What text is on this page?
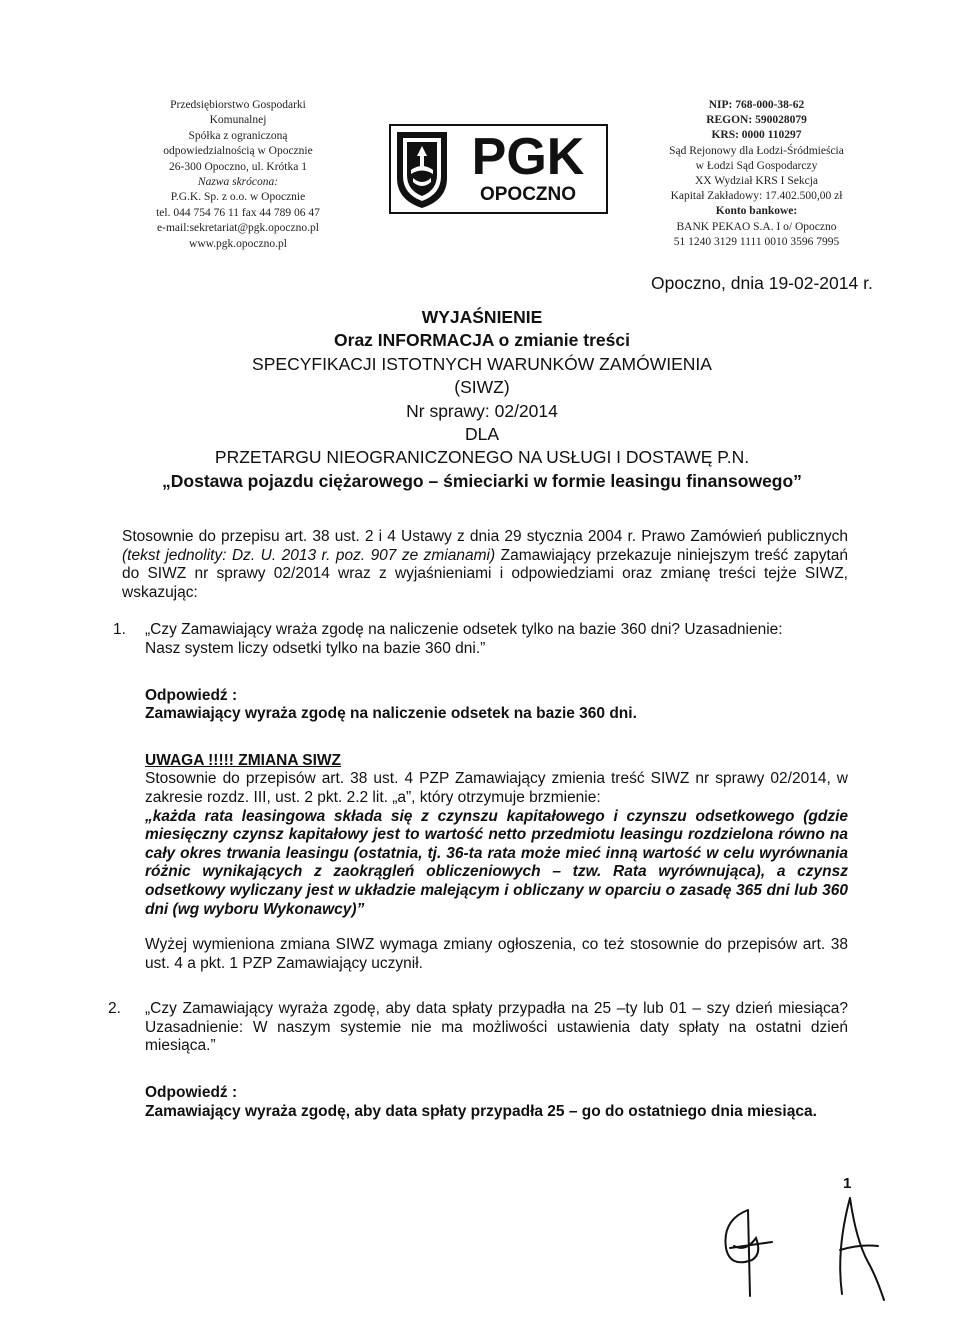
Przedsiębiorstwo Gospodarki
Komunalnej
Spółka z ograniczoną
odpowiedzialnością w Opocznie
26-300 Opoczno, ul. Krótka 1
Nazwa skrócona:
P.G.K. Sp. z o.o. w Opocznie
tel. 044 754 76 11 fax 44 789 06 47
e-mail:sekretariat@pgk.opoczno.pl
www.pgk.opoczno.pl
PGK
OPOCZNO
NIP: 768-000-38-62
REGON: 590028079
KRS: 0000 110297
Sąd Rejonowy dla Łodzi-Śródmieścia
w Łodzi Sąd Gospodarczy
XX Wydział KRS I Sekcja
Kapitał Zakładowy: 17.402.500,00 zł
Konto bankowe:
BANK PEKAO S.A. I o/ Opoczno
51 1240 3129 1111 0010 3596 7995
Opoczno, dnia 19-02-2014 r.
WYJAŚNIENIE
Oraz INFORMACJA o zmianie treści
SPECYFIKACJI ISTOTNYCH WARUNKÓW ZAMÓWIENIA
(SIWZ)
Nr sprawy: 02/2014
DLA
PRZETARGU NIEOGRANICZONEGO NA USŁUGI I DOSTAWĘ P.N.
„Dostawa pojazdu ciężarowego – śmieciarki w formie leasingu finansowego”

Stosownie do przepisu art. 38 ust. 2 i 4 Ustawy z dnia 29 stycznia 2004 r. Prawo Zamówień publicznych (tekst jednolity: Dz. U. 2013 r. poz. 907 ze zmianami) Zamawiający przekazuje niniejszym treść zapytań do SIWZ nr sprawy 02/2014 wraz z wyjaśnieniami i odpowiedziami oraz zmianę treści tejże SIWZ, wskazując:

1. „Czy Zamawiający wraża zgodę na naliczenie odsetek tylko na bazie 360 dni? Uzasadnienie: Nasz system liczy odsetki tylko na bazie 360 dni.”

Odpowiedź :

Zamawiający wyraża zgodę na naliczenie odsetek na bazie 360 dni.

UWAGA !!!!! ZMIANA SIWZ

Stosownie do przepisów art. 38 ust. 4 PZP Zamawiający zmienia treść SIWZ nr sprawy 02/2014, w zakresie rozdz. III, ust. 2 pkt. 2.2 lit. „a”, który otrzymuje brzmienie:

„każda rata leasingowa składa się z czynszu kapitałowego i czynszu odsetkowego (gdzie miesięczny czynsz kapitałowy jest to wartość netto przedmiotu leasingu rozdzielona równo na cały okres trwania leasingu (ostatnia, tj. 36-ta rata może mieć inną wartość w celu wyrównania różnic wynikających z zaokrągleń obliczeniowych – tzw. Rata wyrównująca), a czynsz odsetkowy wyliczany jest w układzie malejącym i obliczany w oparciu o zasadę 365 dni lub 360 dni (wg wyboru Wykonawcy)”

Wyżej wymieniona zmiana SIWZ wymaga zmiany ogłoszenia, co też stosownie do przepisów art. 38 ust. 4 a pkt. 1 PZP Zamawiający uczynił.

2. „Czy Zamawiający wyraża zgodę, aby data spłaty przypadła na 25 –ty lub 01 – szy dzień miesiąca? Uzasadnienie: W naszym systemie nie ma możliwości ustawienia daty spłaty na ostatni dzień miesiąca.”

Odpowiedź :

Zamawiający wyraża zgodę, aby data spłaty przypadła 25 – go do ostatniego dnia miesiąca.

1
